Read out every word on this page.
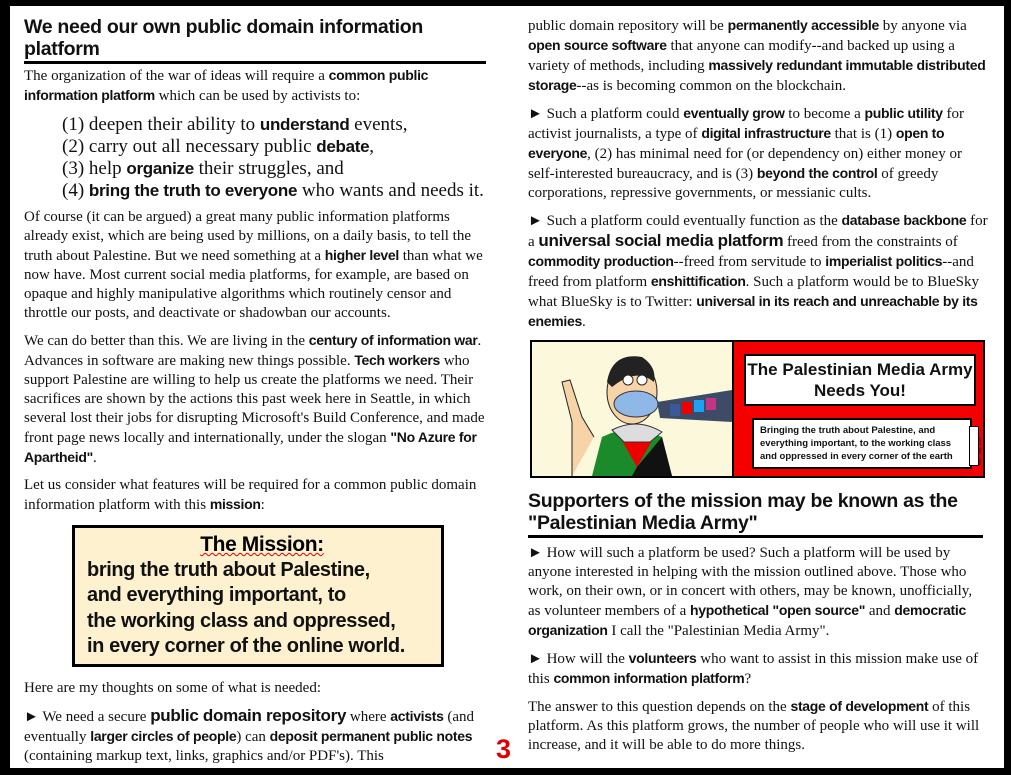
We need our own public domain information platform

The organization of the war of ideas will require a common public information platform which can be used by activists to:

(1) deepen their ability to understand events,
(2) carry out all necessary public debate,
(3) help organize their struggles, and
(4) bring the truth to everyone who wants and needs it.

Of course (it can be argued) a great many public information platforms already exist, which are being used by millions, on a daily basis, to tell the truth about Palestine. But we need something at a higher level than what we now have. Most current social media platforms, for example, are based on opaque and highly manipulative algorithms which routinely censor and throttle our posts, and deactivate or shadowban our accounts.

We can do better than this. We are living in the century of information war. Advances in software are making new things possible. Tech workers who support Palestine are willing to help us create the platforms we need. Their sacrifices are shown by the actions this past week here in Seattle, in which several lost their jobs for disrupting Microsoft's Build Conference, and made front page news locally and internationally, under the slogan "No Azure for Apartheid".

Let us consider what features will be required for a common public domain information platform with this mission:

The Mission:
bring the truth about Palestine,
and everything important, to
the working class and oppressed,
in every corner of the online world.

Here are my thoughts on some of what is needed:

► We need a secure public domain repository where activists (and eventually larger circles of people) can deposit permanent public notes (containing markup text, links, graphics and/or PDF's). This

public domain repository will be permanently accessible by anyone via open source software that anyone can modify--and backed up using a variety of methods, including massively redundant immutable distributed storage--as is becoming common on the blockchain.

► Such a platform could eventually grow to become a public utility for activist journalists, a type of digital infrastructure that is (1) open to everyone, (2) has minimal need for (or dependency on) either money or self-interested bureaucracy, and is (3) beyond the control of greedy corporations, repressive governments, or messianic cults.

► Such a platform could eventually function as the database backbone for a universal social media platform freed from the constraints of commodity production--freed from servitude to imperialist politics--and freed from platform enshittification. Such a platform would be to BlueSky what BlueSky is to Twitter: universal in its reach and unreachable by its enemies.

The Palestinian Media Army Needs You!
Bringing the truth about Palestine, and everything important, to the working class and oppressed in every corner of the earth	Bes - May 2025
Supporters of the mission may be known as the "Palestinian Media Army"

► How will such a platform be used? Such a platform will be used by anyone interested in helping with the mission outlined above. Those who work, on their own, or in concert with others, may be known, unofficially, as volunteer members of a hypothetical "open source" and democratic organization I call the "Palestinian Media Army".

► How will the volunteers who want to assist in this mission make use of this common information platform?

The answer to this question depends on the stage of development of this platform. As this platform grows, the number of people who will use it will increase, and it will be able to do more things.

3
